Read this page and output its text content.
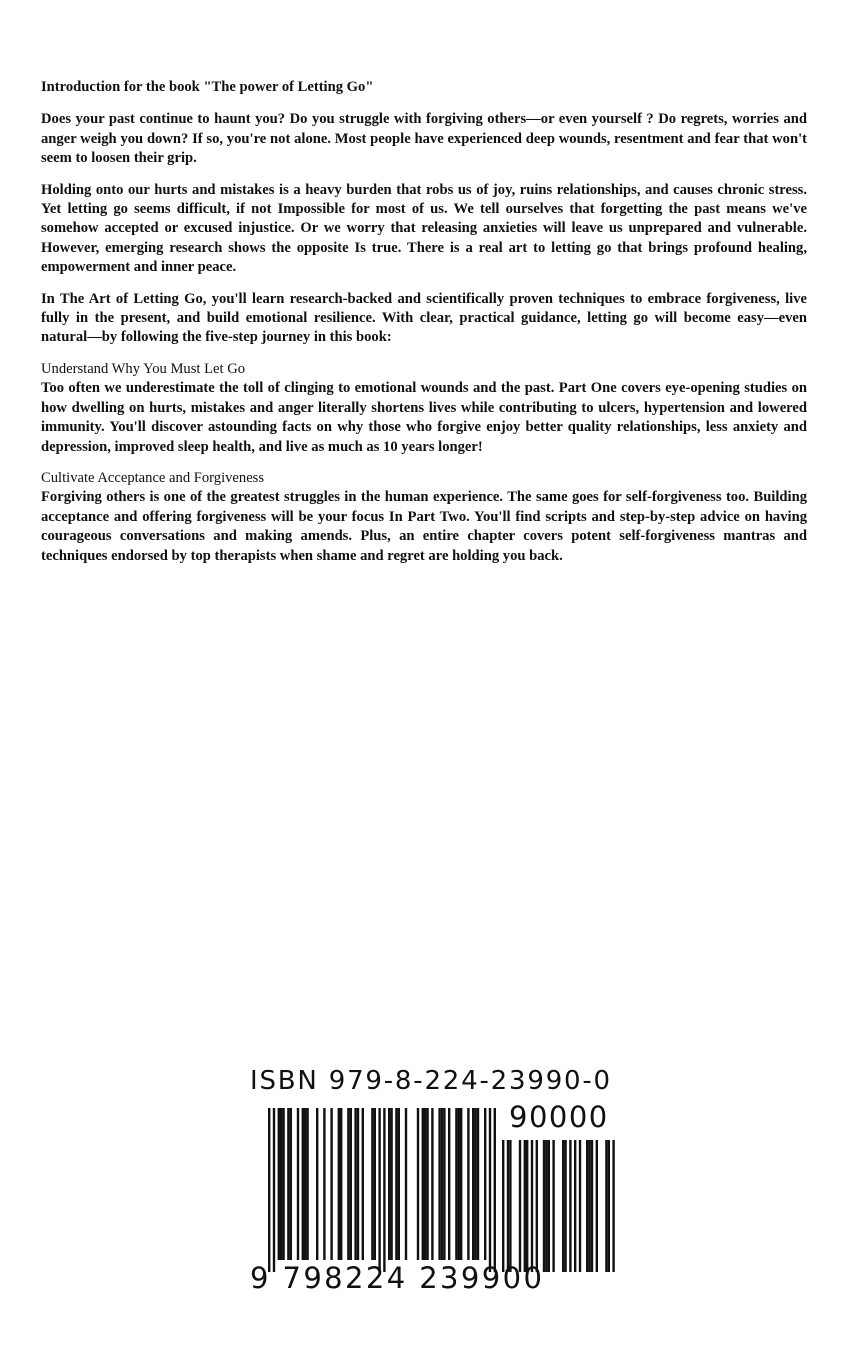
Introduction for the book "The power of Letting Go"

Does your past continue to haunt you? Do you struggle with forgiving others—or even yourself ? Do regrets, worries and anger weigh you down? If so, you're not alone. Most people have experienced deep wounds, resentment and fear that won't seem to loosen their grip.

Holding onto our hurts and mistakes is a heavy burden that robs us of joy, ruins relationships, and causes chronic stress. Yet letting go seems difficult, if not Impossible for most of us. We tell ourselves that forgetting the past means we've somehow accepted or excused injustice. Or we worry that releasing anxieties will leave us unprepared and vulnerable. However, emerging research shows the opposite Is true. There is a real art to letting go that brings profound healing, empowerment and inner peace.

In The Art of Letting Go, you'll learn research-backed and scientifically proven techniques to embrace forgiveness, live fully in the present, and build emotional resilience. With clear, practical guidance, letting go will become easy—even natural—by following the five-step journey in this book:

Understand Why You Must Let Go
Too often we underestimate the toll of clinging to emotional wounds and the past. Part One covers eye-opening studies on how dwelling on hurts, mistakes and anger literally shortens lives while contributing to ulcers, hypertension and lowered immunity. You'll discover astounding facts on why those who forgive enjoy better quality relationships, less anxiety and depression, improved sleep health, and live as much as 10 years longer!

Cultivate Acceptance and Forgiveness
Forgiving others is one of the greatest struggles in the human experience. The same goes for self-forgiveness too. Building acceptance and offering forgiveness will be your focus In Part Two. You'll find scripts and step-by-step advice on having courageous conversations and making amends. Plus, an entire chapter covers potent self-forgiveness mantras and techniques endorsed by top therapists when shame and regret are holding you back.

ISBN 979-8-224-23990-0
90000
9 798224 239900
